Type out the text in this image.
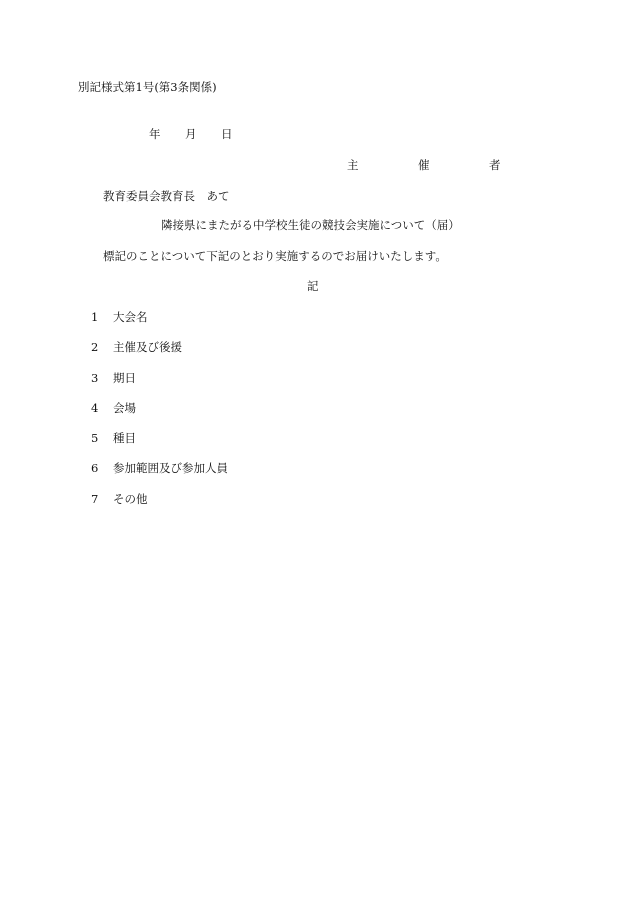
別記様式第1号(第3条関係)
年 月 日
主	催	者
教育委員会教育長　あて
隣接県にまたがる中学校生徒の競技会実施について（届）
標記のことについて下記のとおり実施するのでお届けいたします。
記
1 大会名
2 主催及び後援
3 期日
4 会場
5 種目
6 参加範囲及び参加人員
7 その他
